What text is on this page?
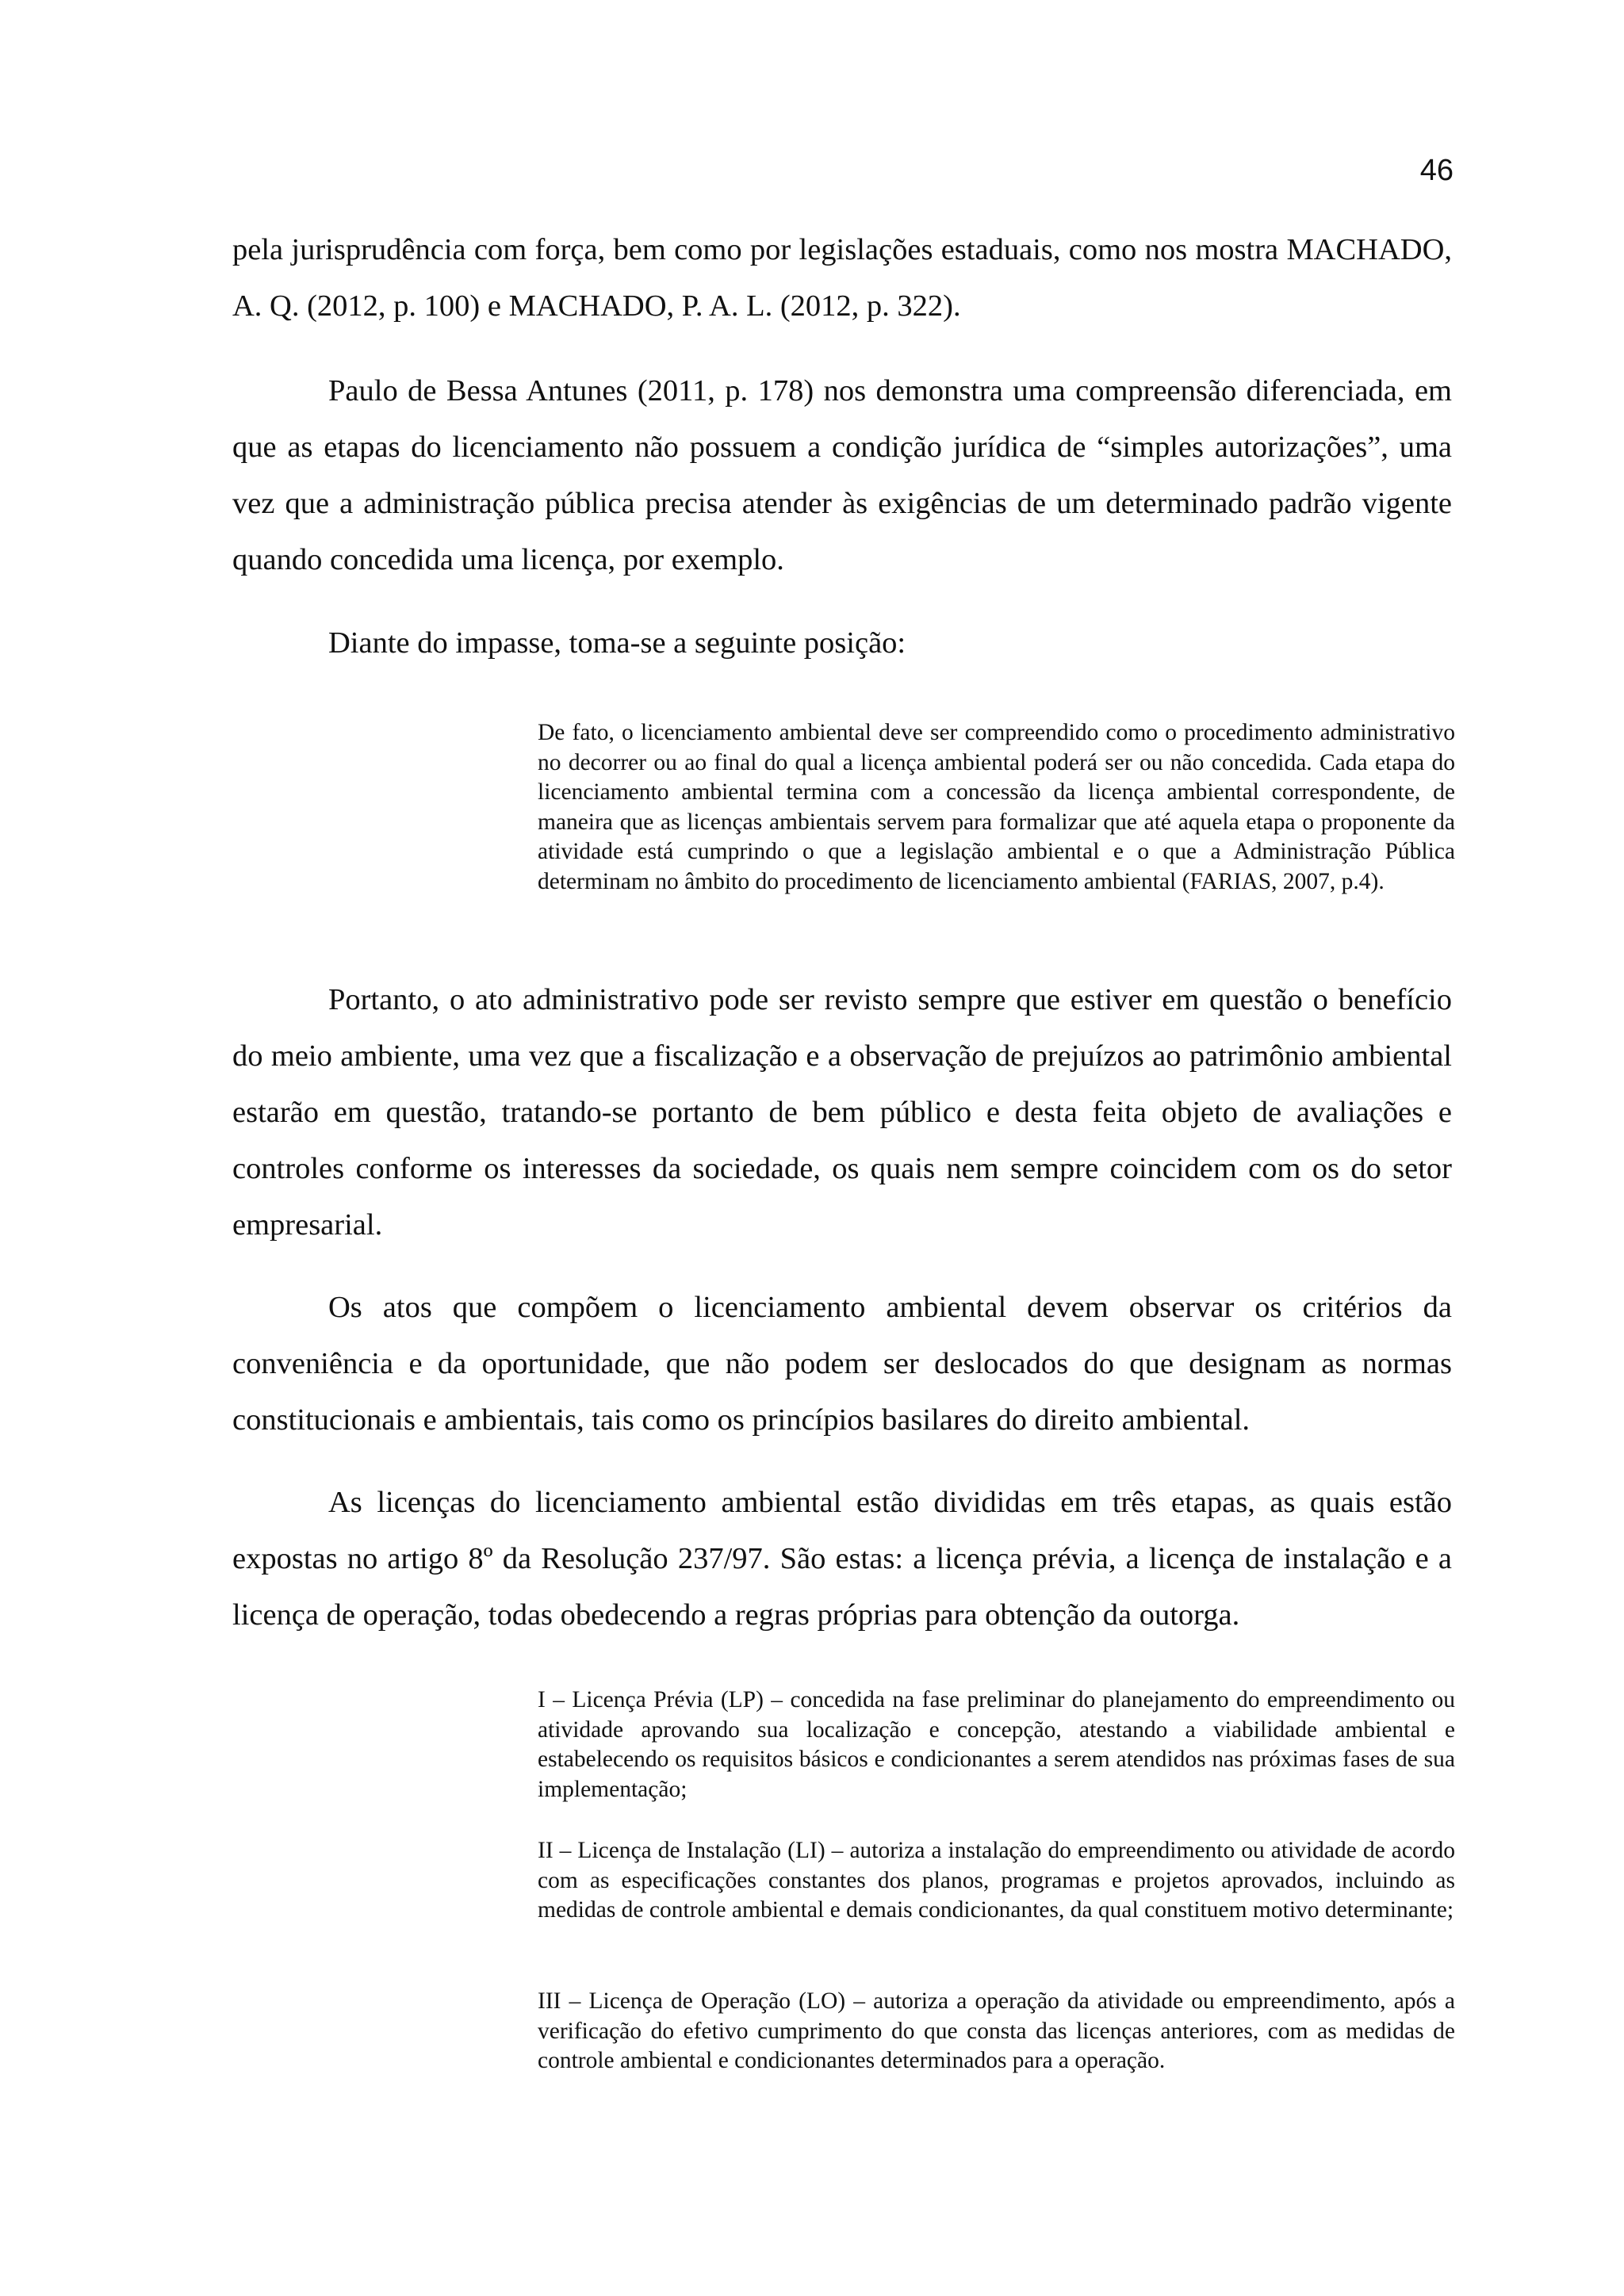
46

pela jurisprudência com força, bem como por legislações estaduais, como nos mostra MACHADO, A. Q. (2012, p. 100) e MACHADO, P. A. L. (2012, p. 322).

Paulo de Bessa Antunes (2011, p. 178) nos demonstra uma compreensão diferenciada, em que as etapas do licenciamento não possuem a condição jurídica de “simples autorizações”, uma vez que a administração pública precisa atender às exigências de um determinado padrão vigente quando concedida uma licença, por exemplo.

Diante do impasse, toma-se a seguinte posição:

De fato, o licenciamento ambiental deve ser compreendido como o procedimento administrativo no decorrer ou ao final do qual a licença ambiental poderá ser ou não concedida. Cada etapa do licenciamento ambiental termina com a concessão da licença ambiental correspondente, de maneira que as licenças ambientais servem para formalizar que até aquela etapa o proponente da atividade está cumprindo o que a legislação ambiental e o que a Administração Pública determinam no âmbito do procedimento de licenciamento ambiental (FARIAS, 2007, p.4).

Portanto, o ato administrativo pode ser revisto sempre que estiver em questão o benefício do meio ambiente, uma vez que a fiscalização e a observação de prejuízos ao patrimônio ambiental estarão em questão, tratando-se portanto de bem público e desta feita objeto de avaliações e controles conforme os interesses da sociedade, os quais nem sempre coincidem com os do setor empresarial.

Os atos que compõem o licenciamento ambiental devem observar os critérios da conveniência e da oportunidade, que não podem ser deslocados do que designam as normas constitucionais e ambientais, tais como os princípios basilares do direito ambiental.

As licenças do licenciamento ambiental estão divididas em três etapas, as quais estão expostas no artigo 8º da Resolução 237/97. São estas: a licença prévia, a licença de instalação e a licença de operação, todas obedecendo a regras próprias para obtenção da outorga.

I – Licença Prévia (LP) – concedida na fase preliminar do planejamento do empreendimento ou atividade aprovando sua localização e concepção, atestando a viabilidade ambiental e estabelecendo os requisitos básicos e condicionantes a serem atendidos nas próximas fases de sua implementação;

II – Licença de Instalação (LI) – autoriza a instalação do empreendimento ou atividade de acordo com as especificações constantes dos planos, programas e projetos aprovados, incluindo as medidas de controle ambiental e demais condicionantes, da qual constituem motivo determinante;

III – Licença de Operação (LO) – autoriza a operação da atividade ou empreendimento, após a verificação do efetivo cumprimento do que consta das licenças anteriores, com as medidas de controle ambiental e condicionantes determinados para a operação.
